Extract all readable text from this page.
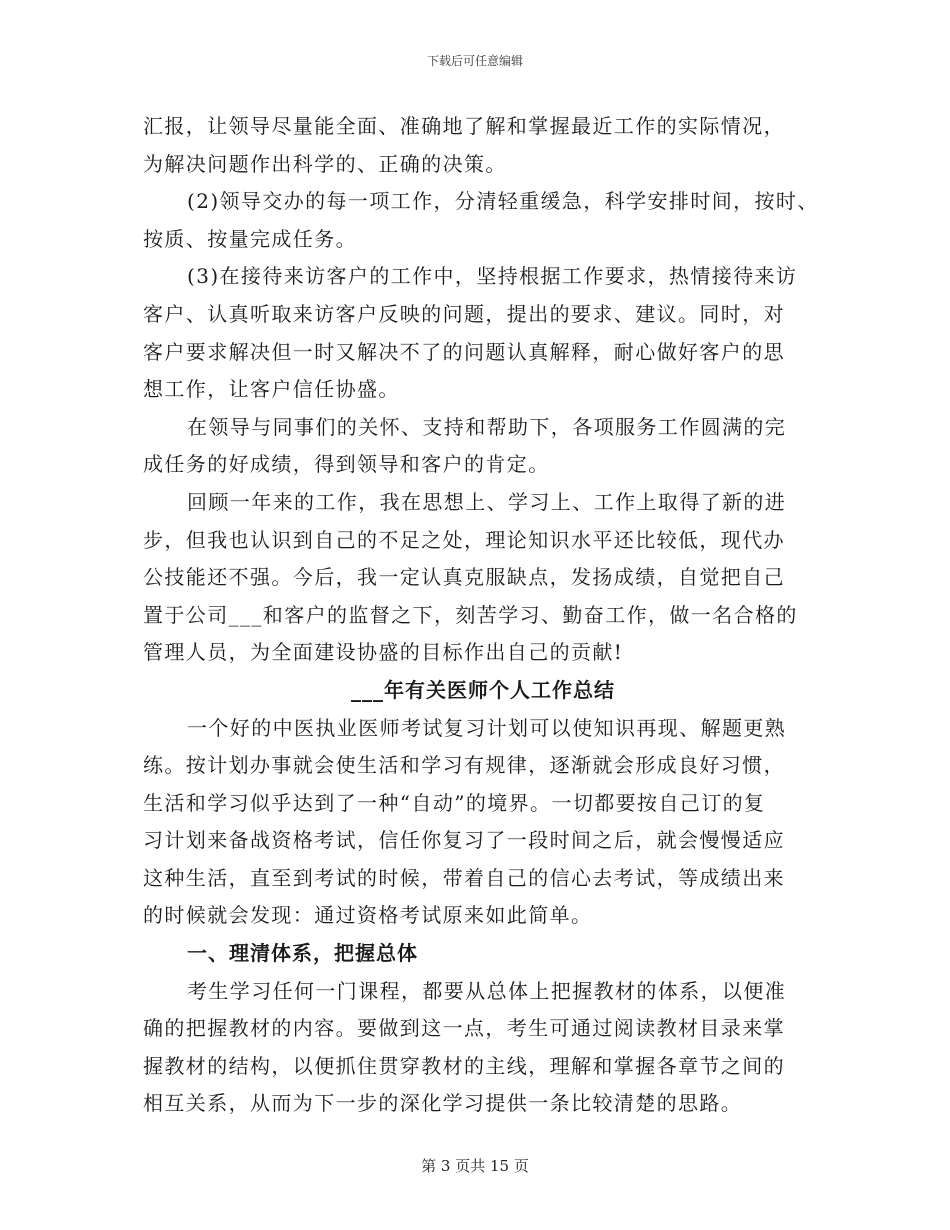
下载后可任意编辑
汇报，让领导尽量能全面、准确地了解和掌握最近工作的实际情况，
为解决问题作出科学的、正确的决策。
(2)领导交办的每一项工作，分清轻重缓急，科学安排时间，按时、
按质、按量完成任务。
(3)在接待来访客户的工作中，坚持根据工作要求，热情接待来访
客户、认真听取来访客户反映的问题，提出的要求、建议。同时，对
客户要求解决但一时又解决不了的问题认真解释，耐心做好客户的思
想工作，让客户信任协盛。
在领导与同事们的关怀、支持和帮助下，各项服务工作圆满的完
成任务的好成绩，得到领导和客户的肯定。
回顾一年来的工作，我在思想上、学习上、工作上取得了新的进
步，但我也认识到自己的不足之处，理论知识水平还比较低，现代办
公技能还不强。今后，我一定认真克服缺点，发扬成绩，自觉把自己
置于公司___和客户的监督之下，刻苦学习、勤奋工作，做一名合格的
管理人员，为全面建设协盛的目标作出自己的贡献!
___年有关医师个人工作总结
一个好的中医执业医师考试复习计划可以使知识再现、解题更熟
练。按计划办事就会使生活和学习有规律，逐渐就会形成良好习惯，
生活和学习似乎达到了一种“自动”的境界。一切都要按自己订的复
习计划来备战资格考试，信任你复习了一段时间之后，就会慢慢适应
这种生活，直至到考试的时候，带着自己的信心去考试，等成绩出来
的时候就会发现：通过资格考试原来如此简单。
一、理清体系，把握总体
考生学习任何一门课程，都要从总体上把握教材的体系，以便准
确的把握教材的内容。要做到这一点，考生可通过阅读教材目录来掌
握教材的结构，以便抓住贯穿教材的主线，理解和掌握各章节之间的
相互关系，从而为下一步的深化学习提供一条比较清楚的思路。
第 3 页共 15 页
